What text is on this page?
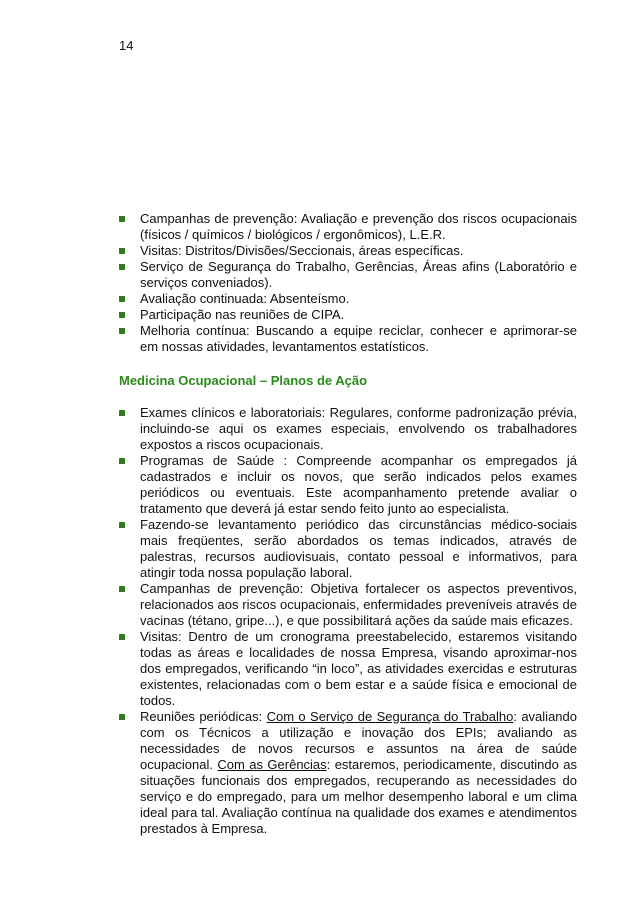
14
Campanhas de prevenção: Avaliação e prevenção dos riscos ocupacionais (físicos / químicos / biológicos / ergonômicos), L.E.R.
Visitas: Distritos/Divisões/Seccionais, áreas específicas.
Serviço de Segurança do Trabalho, Gerências, Áreas afins (Laboratório e serviços conveniados).
Avaliação continuada: Absenteísmo.
Participação nas reuniões de CIPA.
Melhoria contínua: Buscando a equipe reciclar, conhecer e aprimorar-se em nossas atividades, levantamentos estatísticos.
Medicina Ocupacional – Planos de Ação
Exames clínicos e laboratoriais: Regulares, conforme padronização prévia, incluindo-se aqui os exames especiais, envolvendo os trabalhadores expostos a riscos ocupacionais.
Programas de Saúde : Compreende acompanhar os empregados já cadastrados e incluir os novos, que serão indicados pelos exames periódicos ou eventuais. Este acompanhamento pretende avaliar o tratamento que deverá já estar sendo feito junto ao especialista.
Fazendo-se levantamento periódico das circunstâncias médico-sociais mais freqüentes, serão abordados os temas indicados, através de palestras, recursos audiovisuais, contato pessoal e informativos, para atingir toda nossa população laboral.
Campanhas de prevenção: Objetiva fortalecer os aspectos preventivos, relacionados aos riscos ocupacionais, enfermidades preveníveis através de vacinas (tétano, gripe...), e que possibilitará ações da saúde mais eficazes.
Visitas: Dentro de um cronograma preestabelecido, estaremos visitando todas as áreas e localidades de nossa Empresa, visando aproximar-nos dos empregados, verificando “in loco”, as atividades exercidas e estruturas existentes, relacionadas com o bem estar e a saúde física e emocional de todos.
Reuniões periódicas: Com o Serviço de Segurança do Trabalho: avaliando com os Técnicos a utilização e inovação dos EPIs; avaliando as necessidades de novos recursos e assuntos na área de saúde ocupacional. Com as Gerências: estaremos, periodicamente, discutindo as situações funcionais dos empregados, recuperando as necessidades do serviço e do empregado, para um melhor desempenho laboral e um clima ideal para tal. Avaliação contínua na qualidade dos exames e atendimentos prestados à Empresa.
